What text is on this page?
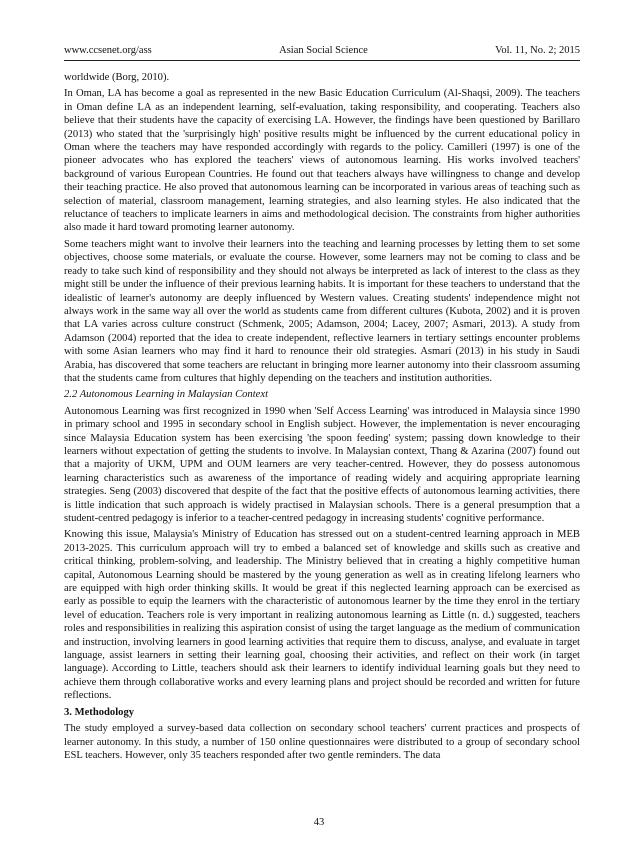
www.ccsenet.org/ass	Asian Social Science	Vol. 11, No. 2; 2015

worldwide (Borg, 2010).

In Oman, LA has become a goal as represented in the new Basic Education Curriculum (Al-Shaqsi, 2009). The teachers in Oman define LA as an independent learning, self-evaluation, taking responsibility, and cooperating. Teachers also believe that their students have the capacity of exercising LA. However, the findings have been questioned by Barillaro (2013) who stated that the 'surprisingly high' positive results might be influenced by the current educational policy in Oman where the teachers may have responded accordingly with regards to the policy. Camilleri (1997) is one of the pioneer advocates who has explored the teachers' views of autonomous learning. His works involved teachers' background of various European Countries. He found out that teachers always have willingness to change and develop their teaching practice. He also proved that autonomous learning can be incorporated in various areas of teaching such as selection of material, classroom management, learning strategies, and also learning styles. He also indicated that the reluctance of teachers to implicate learners in aims and methodological decision. The constraints from higher authorities also made it hard toward promoting learner autonomy.

Some teachers might want to involve their learners into the teaching and learning processes by letting them to set some objectives, choose some materials, or evaluate the course. However, some learners may not be coming to class and be ready to take such kind of responsibility and they should not always be interpreted as lack of interest to the class as they might still be under the influence of their previous learning habits. It is important for these teachers to understand that the idealistic of learner's autonomy are deeply influenced by Western values. Creating students' independence might not always work in the same way all over the world as students came from different cultures (Kubota, 2002) and it is proven that LA varies across culture construct (Schmenk, 2005; Adamson, 2004; Lacey, 2007; Asmari, 2013). A study from Adamson (2004) reported that the idea to create independent, reflective learners in tertiary settings encounter problems with some Asian learners who may find it hard to renounce their old strategies. Asmari (2013) in his study in Saudi Arabia, has discovered that some teachers are reluctant in bringing more learner autonomy into their classroom assuming that the students came from cultures that highly depending on the teachers and institution authorities.

2.2 Autonomous Learning in Malaysian Context

Autonomous Learning was first recognized in 1990 when 'Self Access Learning' was introduced in Malaysia since 1990 in primary school and 1995 in secondary school in English subject. However, the implementation is never encouraging since Malaysia Education system has been exercising 'the spoon feeding' system; passing down knowledge to their learners without expectation of getting the students to involve. In Malaysian context, Thang & Azarina (2007) found out that a majority of UKM, UPM and OUM learners are very teacher-centred. However, they do possess autonomous learning characteristics such as awareness of the importance of reading widely and acquiring appropriate learning strategies. Seng (2003) discovered that despite of the fact that the positive effects of autonomous learning activities, there is little indication that such approach is widely practised in Malaysian schools. There is a general presumption that a student-centred pedagogy is inferior to a teacher-centred pedagogy in increasing students' cognitive performance.

Knowing this issue, Malaysia's Ministry of Education has stressed out on a student-centred learning approach in MEB 2013-2025. This curriculum approach will try to embed a balanced set of knowledge and skills such as creative and critical thinking, problem-solving, and leadership. The Ministry believed that in creating a highly competitive human capital, Autonomous Learning should be mastered by the young generation as well as in creating lifelong learners who are equipped with high order thinking skills. It would be great if this neglected learning approach can be exercised as early as possible to equip the learners with the characteristic of autonomous learner by the time they enrol in the tertiary level of education. Teachers role is very important in realizing autonomous learning as Little (n. d.) suggested, teachers roles and responsibilities in realizing this aspiration consist of using the target language as the medium of communication and instruction, involving learners in good learning activities that require them to discuss, analyse, and evaluate in target language, assist learners in setting their learning goal, choosing their activities, and reflect on their work (in target language). According to Little, teachers should ask their learners to identify individual learning goals but they need to achieve them through collaborative works and every learning plans and project should be recorded and written for future reflections.

3. Methodology

The study employed a survey-based data collection on secondary school teachers' current practices and prospects of learner autonomy. In this study, a number of 150 online questionnaires were distributed to a group of secondary school ESL teachers. However, only 35 teachers responded after two gentle reminders. The data

43
